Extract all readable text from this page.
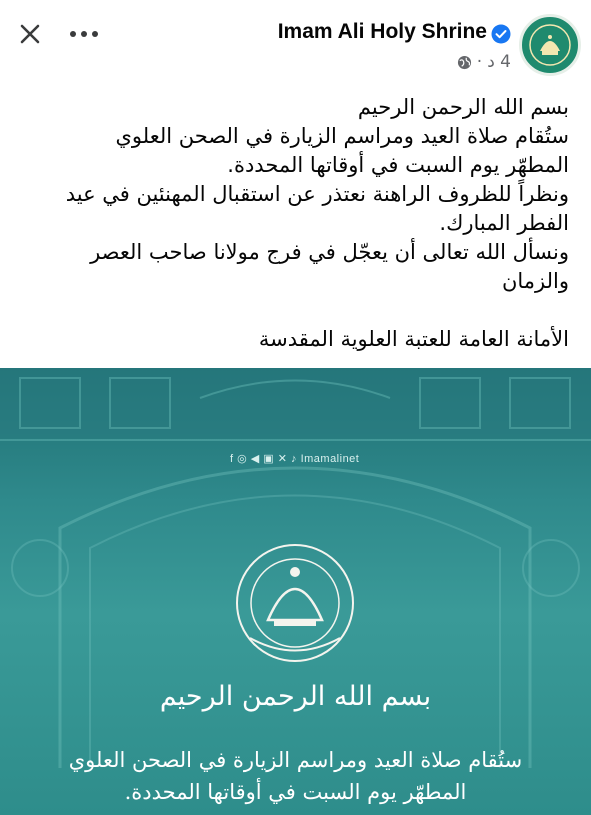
Imam Ali Holy Shrine
4 د
·

بسم الله الرحمن الرحيم

ستُقام صلاة العيد ومراسم الزيارة في الصحن العلوي

المطهّر يوم السبت في أوقاتها المحددة.

ونظراً للظروف الراهنة نعتذر عن استقبال المهنئين في عيد

الفطر المبارك.

ونسأل الله تعالى أن يعجّل في فرج مولانا صاحب العصر

والزمان

الأمانة العامة للعتبة العلوية المقدسة

f ◎ ◀ ▣ ✕ ♪ Imamalinet
بسم الله الرحمن الرحيم
ستُقام صلاة العيد ومراسم الزيارة في الصحن العلوي
المطهّر يوم السبت في أوقاتها المحددة.
